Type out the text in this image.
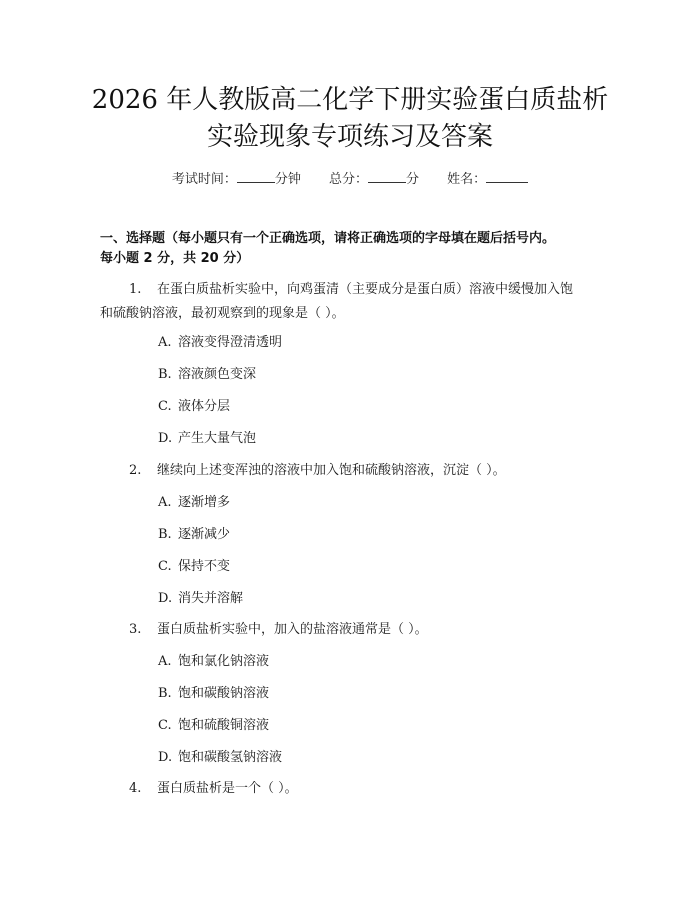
2026 年人教版高二化学下册实验蛋白质盐析
实验现象专项练习及答案
考试时间：	分钟 总分：	分 姓名：
一、选择题（每小题只有一个正确选项，请将正确选项的字母填在题后括号内。
每小题 2 分，共 20 分）
1. 在蛋白质盐析实验中，向鸡蛋清（主要成分是蛋白质）溶液中缓慢加入饱
和硫酸钠溶液，最初观察到的现象是（ ）。
A. 溶液变得澄清透明
B. 溶液颜色变深
C. 液体分层
D. 产生大量气泡
2. 继续向上述变浑浊的溶液中加入饱和硫酸钠溶液，沉淀（ ）。
A. 逐渐增多
B. 逐渐减少
C. 保持不变
D. 消失并溶解
3. 蛋白质盐析实验中，加入的盐溶液通常是（ ）。
A. 饱和氯化钠溶液
B. 饱和碳酸钠溶液
C. 饱和硫酸铜溶液
D. 饱和碳酸氢钠溶液
4. 蛋白质盐析是一个（ ）。
